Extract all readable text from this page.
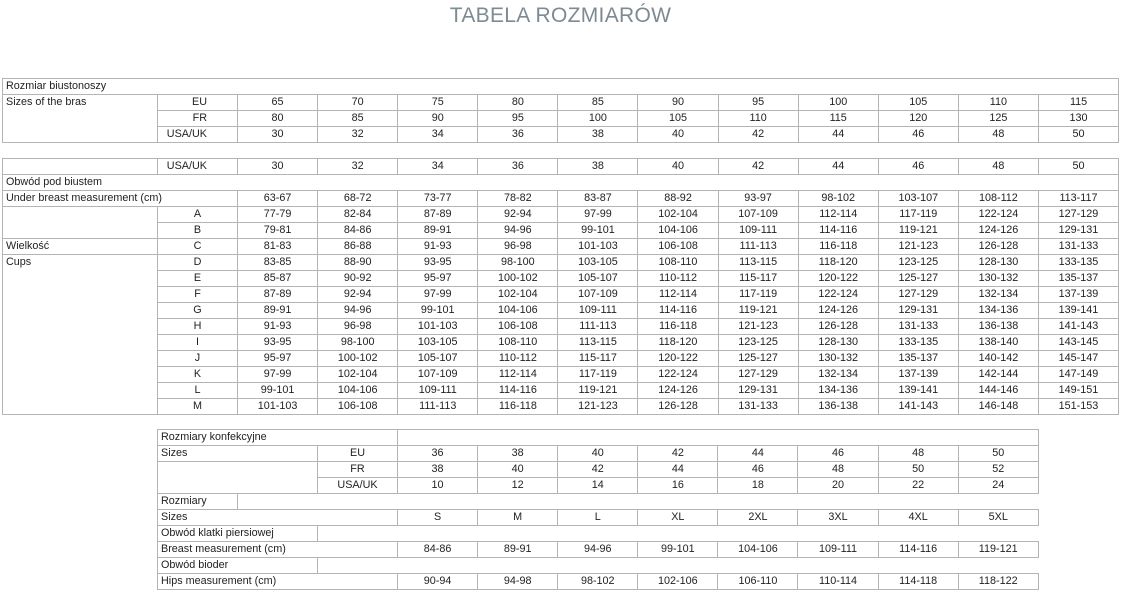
TABELA ROZMIARÓW
Rozmiar biustonoszy												
Sizes of the bras	EU	65	70	75	80	85	90	95	100	105	110	115
	FR	80	85	90	95	100	105	110	115	120	125	130
	USA/UK	30	32	34	36	38	40	42	44	46	48	50
	USA/UK	30	32	34	36	38	40	42	44	46	48	50
Obwód pod biustem												
Under breast measurement (cm)		63-67	68-72	73-77	78-82	83-87	88-92	93-97	98-102	103-107	108-112	113-117
	A	77-79	82-84	87-89	92-94	97-99	102-104	107-109	112-114	117-119	122-124	127-129
	B	79-81	84-86	89-91	94-96	99-101	104-106	109-111	114-116	119-121	124-126	129-131
Wielkość	C	81-83	86-88	91-93	96-98	101-103	106-108	111-113	116-118	121-123	126-128	131-133
Cups	D	83-85	88-90	93-95	98-100	103-105	108-110	113-115	118-120	123-125	128-130	133-135
	E	85-87	90-92	95-97	100-102	105-107	110-112	115-117	120-122	125-127	130-132	135-137
	F	87-89	92-94	97-99	102-104	107-109	112-114	117-119	122-124	127-129	132-134	137-139
	G	89-91	94-96	99-101	104-106	109-111	114-116	119-121	124-126	129-131	134-136	139-141
	H	91-93	96-98	101-103	106-108	111-113	116-118	121-123	126-128	131-133	136-138	141-143
	I	93-95	98-100	103-105	108-110	113-115	118-120	123-125	128-130	133-135	138-140	143-145
	J	95-97	100-102	105-107	110-112	115-117	120-122	125-127	130-132	135-137	140-142	145-147
	K	97-99	102-104	107-109	112-114	117-119	122-124	127-129	132-134	137-139	142-144	147-149
	L	99-101	104-106	109-111	114-116	119-121	124-126	129-131	134-136	139-141	144-146	149-151
	M	101-103	106-108	111-113	116-118	121-123	126-128	131-133	136-138	141-143	146-148	151-153
Rozmiary konfekcyjne										
Sizes		EU	36	38	40	42	44	46	48	50
		FR	38	40	42	44	46	48	50	52
		USA/UK	10	12	14	16	18	20	22	24
Rozmiary										
Sizes			S	M	L	XL	2XL	3XL	4XL	5XL
Obwód klatki piersiowej										
Breast measurement (cm)			84-86	89-91	94-96	99-101	104-106	109-111	114-116	119-121
Obwód bioder										
Hips measurement (cm)			90-94	94-98	98-102	102-106	106-110	110-114	114-118	118-122
